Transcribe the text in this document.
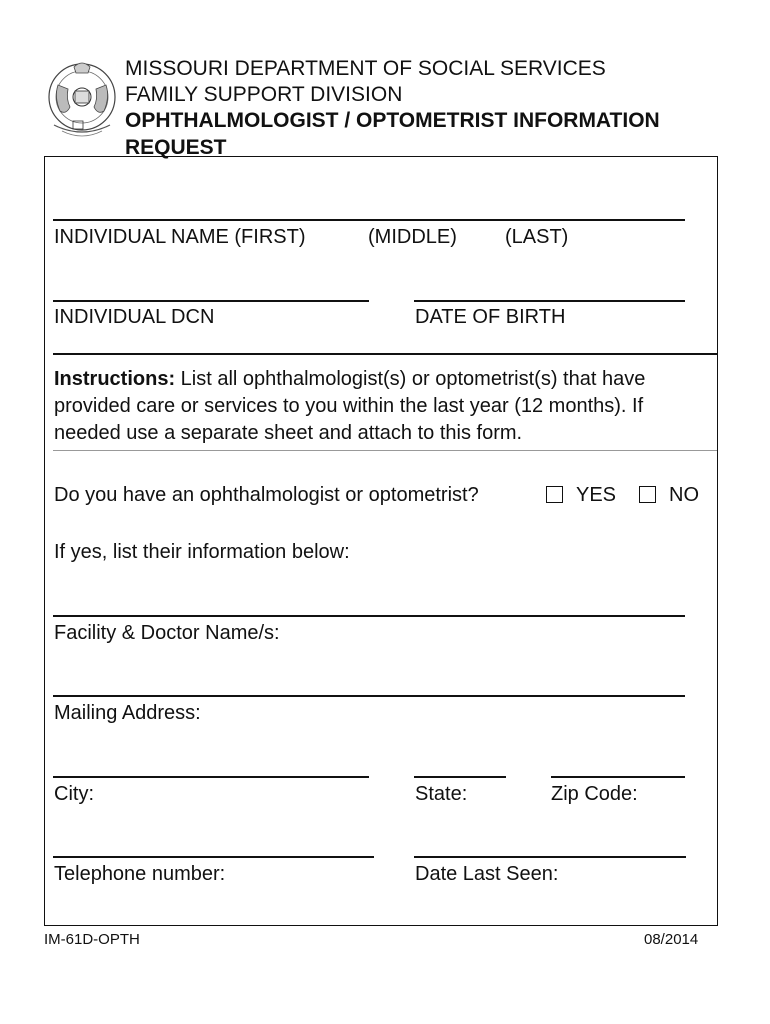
MISSOURI DEPARTMENT OF SOCIAL SERVICES
FAMILY SUPPORT DIVISION
OPHTHALMOLOGIST / OPTOMETRIST INFORMATION
REQUEST
INDIVIDUAL NAME (FIRST)	(MIDDLE) (LAST)
INDIVIDUAL DCN	DATE OF BIRTH
Instructions: List all ophthalmologist(s) or optometrist(s) that have provided care or services to you within the last year (12 months). If needed use a separate sheet and attach to this form.
Do you have an ophthalmologist or optometrist?	YES	NO
If yes, list their information below:
Facility & Doctor Name/s:
Mailing Address:
City:	State:	Zip Code:
Telephone number:	Date Last Seen:
IM-61D-OPTH	08/2014
